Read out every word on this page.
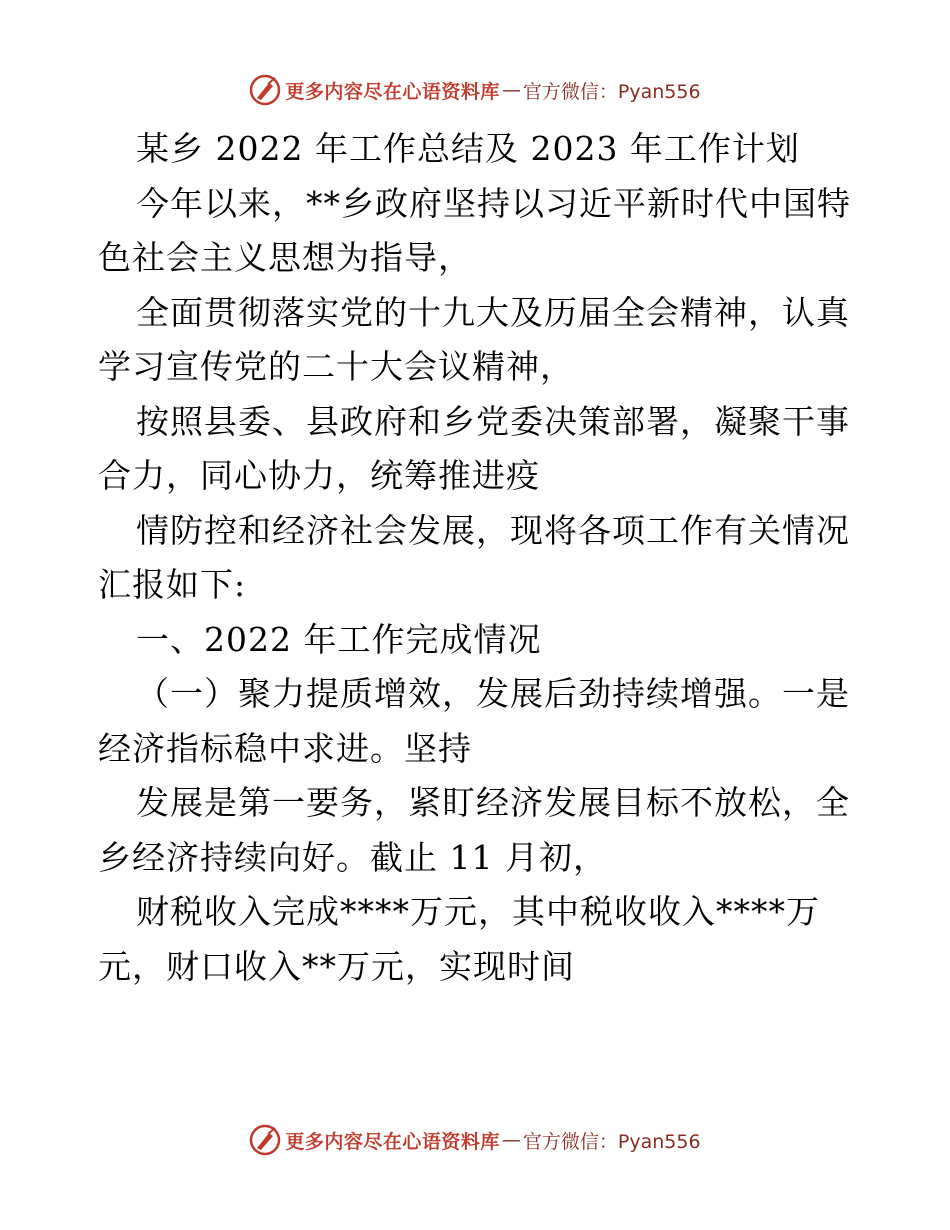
更多内容尽在心语资料库 — 官方微信：Pyan556
某乡 2022 年工作总结及 2023 年工作计划
今年以来，**乡政府坚持以习近平新时代中国特
色社会主义思想为指导，
全面贯彻落实党的十九大及历届全会精神，认真
学习宣传党的二十大会议精神，
按照县委、县政府和乡党委决策部署，凝聚干事
合力，同心协力，统筹推进疫
情防控和经济社会发展，现将各项工作有关情况
汇报如下:
一、2022 年工作完成情况
（一）聚力提质增效，发展后劲持续增强。一是
经济指标稳中求进。坚持
发展是第一要务，紧盯经济发展目标不放松，全
乡经济持续向好。截止 11 月初，
财税收入完成****万元，其中税收收入****万
元，财口收入**万元，实现时间
更多内容尽在心语资料库 — 官方微信：Pyan556
